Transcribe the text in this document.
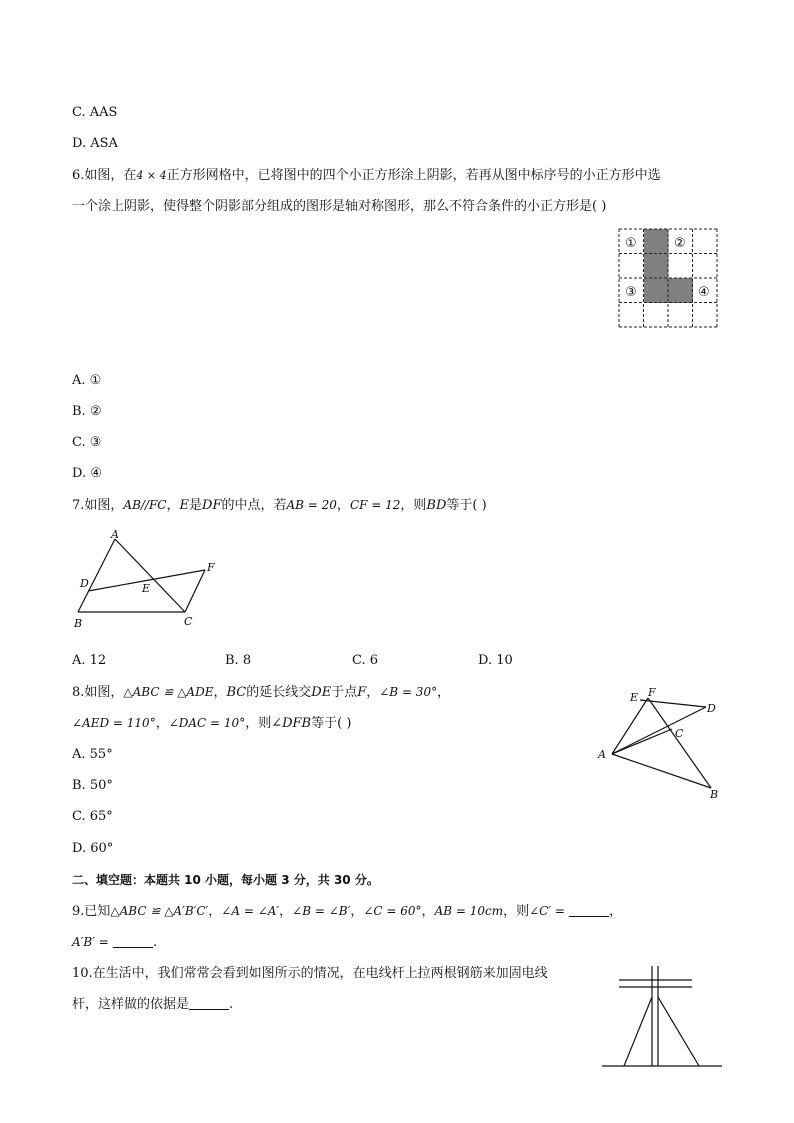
C. AAS
D. ASA
6.如图，在4 × 4正方形网格中，已将图中的四个小正方形涂上阴影，若再从图中标序号的小正方形中选
一个涂上阴影，使得整个阴影部分组成的图形是轴对称图形，那么不符合条件的小正方形是( )
①	②
③	④
A. ①
B. ②
C. ③
D. ④
7.如图，AB//FC，E是DF的中点，若AB = 20，CF = 12，则BD等于( )
A
D	E
F
B	C
A. 12	B. 8	C. 6	D. 10
8.如图，△ABC ≌ △ADE，BC的延长线交DE于点F，∠B = 30°，
∠AED = 110°，∠DAC = 10°，则∠DFB等于( )
E F
D
C
A
B
A. 55°
B. 50°
C. 65°
D. 60°
二、填空题：本题共 10 小题，每小题 3 分，共 30 分。
9.已知△ABC ≌ △A′B′C′，∠A = ∠A′，∠B = ∠B′，∠C = 60°，AB = 10cm，则∠C′ =	，
A′B′ =	.
10.在生活中，我们常常会看到如图所示的情况，在电线杆上拉两根钢筋来加固电线
杆，这样做的依据是	.
